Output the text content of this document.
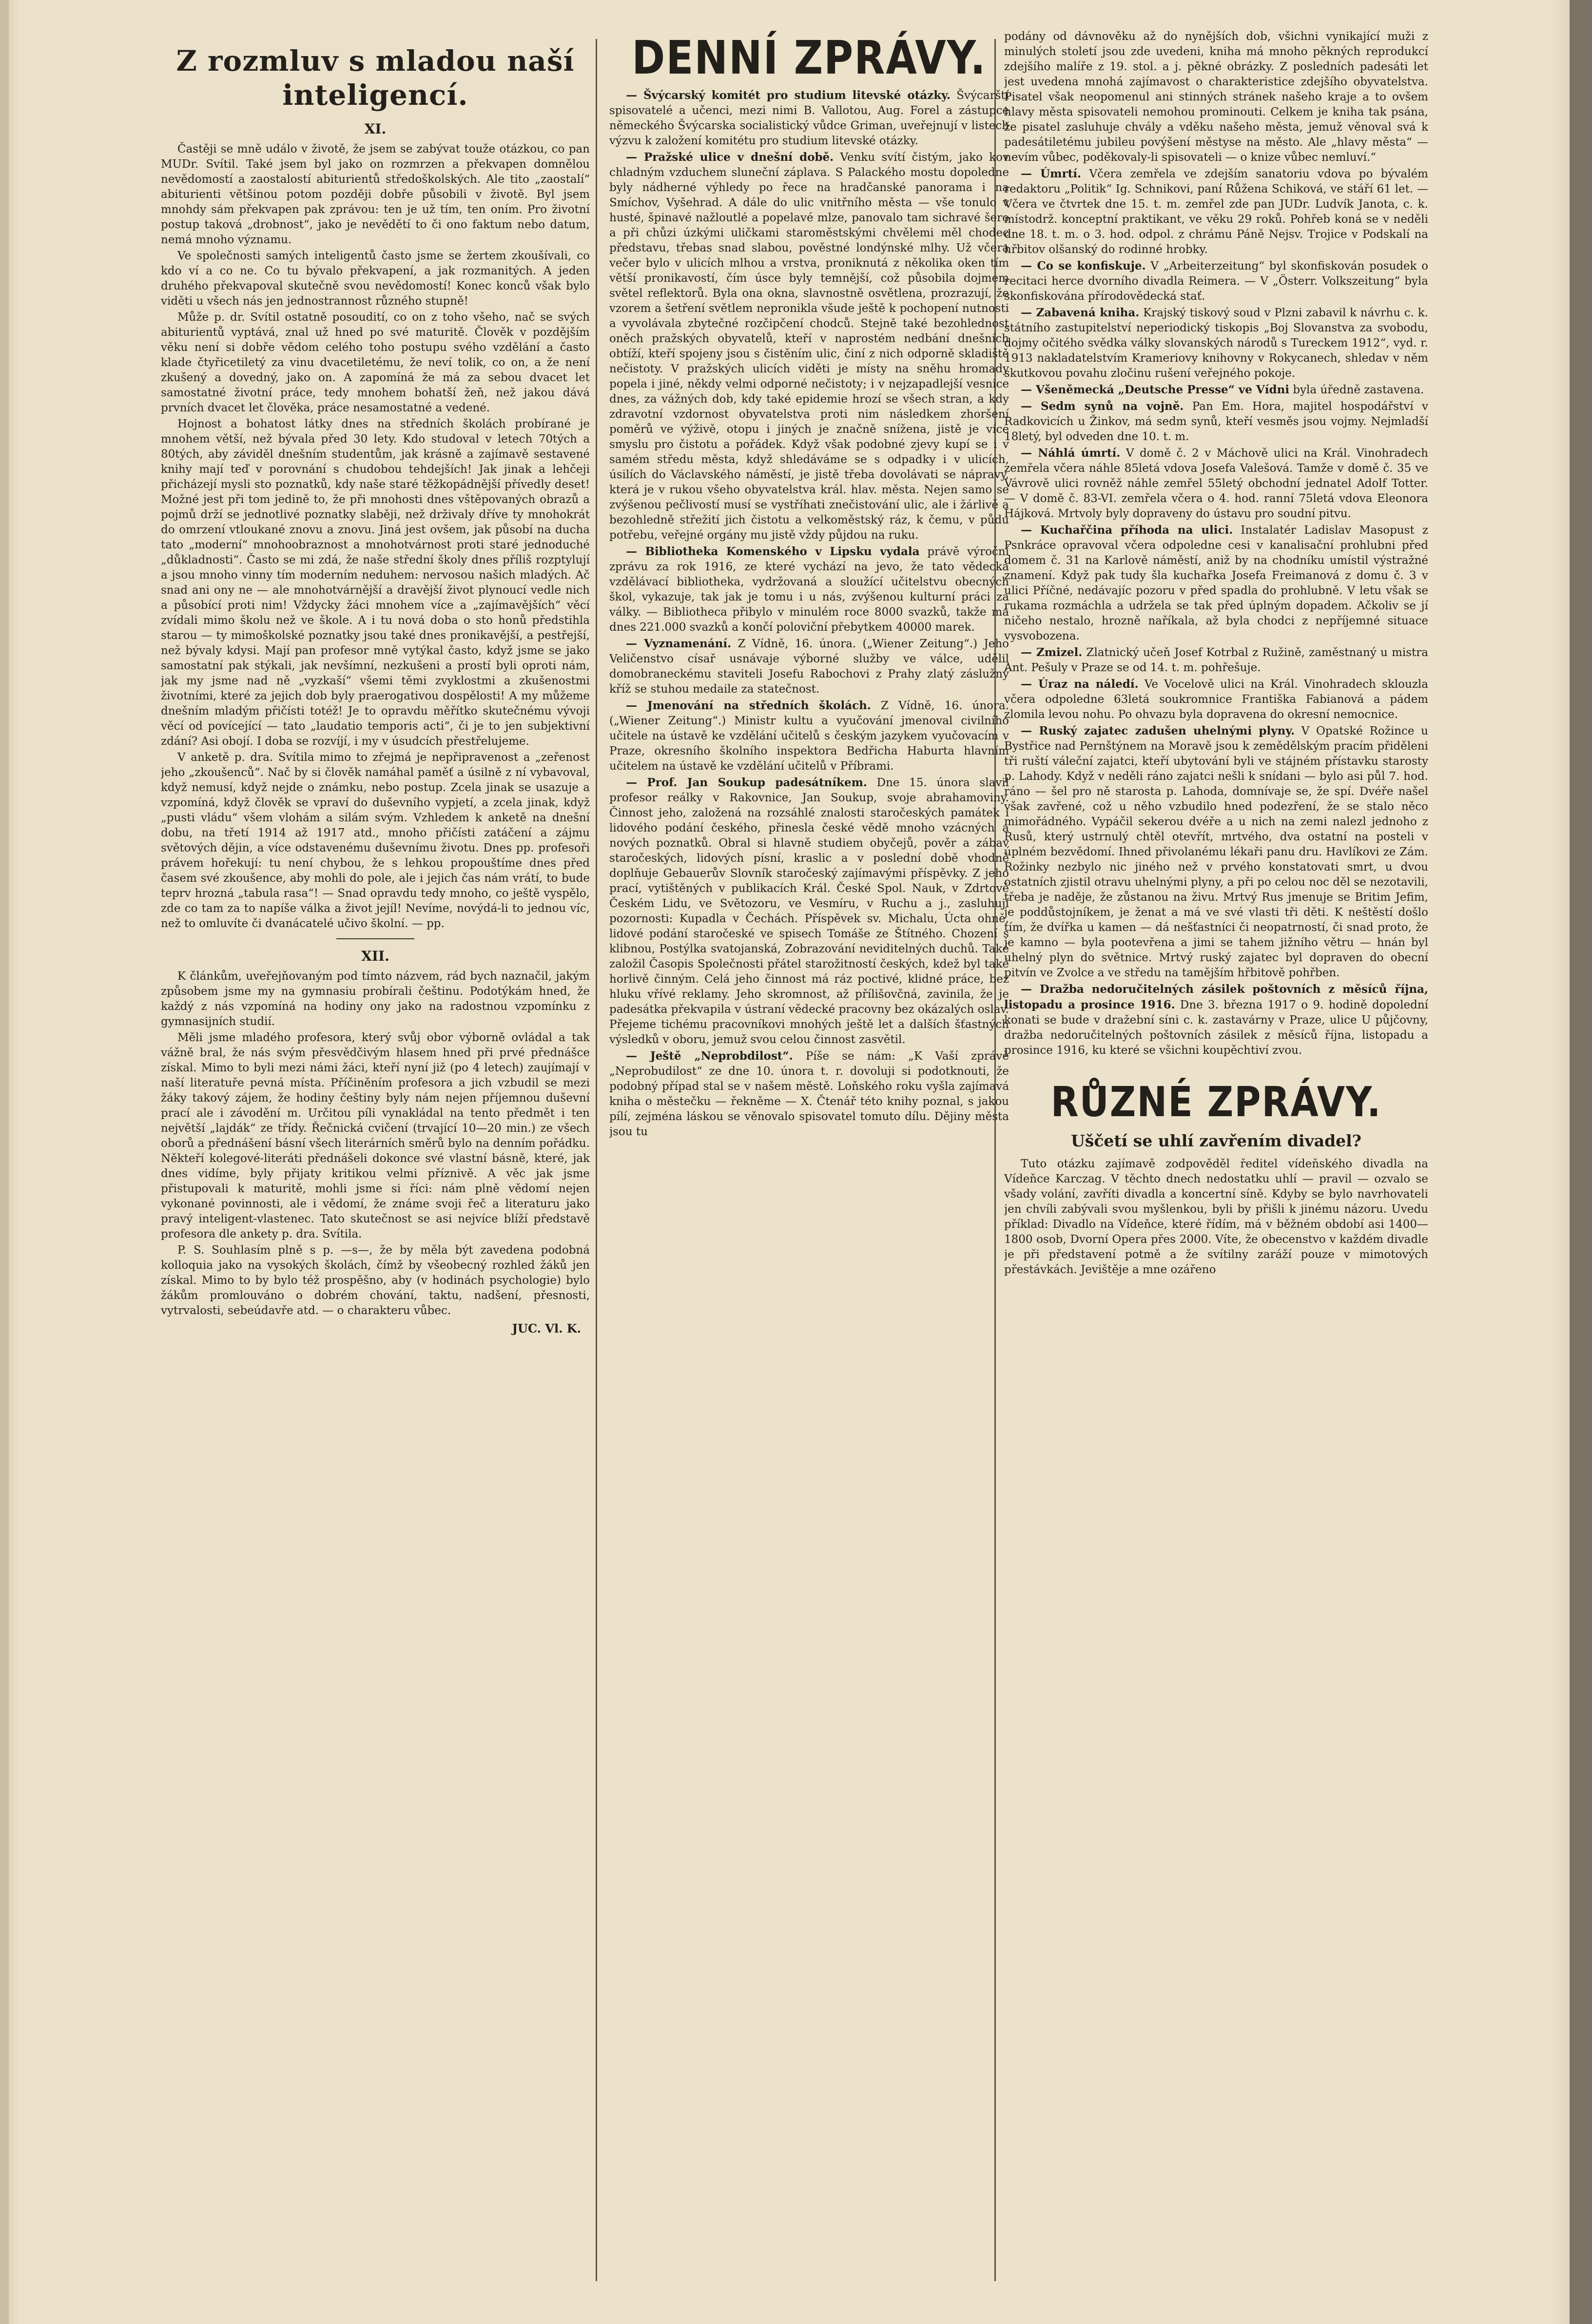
Z rozmluv s mladou naší inteligencí.
XI.

Častěji se mně událo v životě, že jsem se zabývat touže otázkou, co pan MUDr. Svítil. Také jsem byl jako on rozmrzen a překvapen domnělou nevědomostí a zaostalostí abiturientů středoškolských. Ale tito „zaostalí“ abiturienti většinou potom později dobře působili v životě. Byl jsem mnohdy sám překvapen pak zprávou: ten je už tím, ten oním. Pro životní postup taková „drobnost“, jako je nevědětí to či ono faktum nebo datum, nemá mnoho významu.

Ve společnosti samých inteligentů často jsme se žertem zkoušívali, co kdo ví a co ne. Co tu bývalo překvapení, a jak rozmanitých. A jeden druhého překvapoval skutečně svou nevědomostí! Konec konců však bylo viděti u všech nás jen jednostrannost různého stupně!

Může p. dr. Svítil ostatně posoudití, co on z toho všeho, nač se svých abiturientů vyptává, znal už hned po své maturitě. Člověk v pozdějším věku není si dobře vědom celého toho postupu svého vzdělání a často klade čtyřicetiletý za vinu dvacetiletému, že neví tolik, co on, a že není zkušený a dovedný, jako on. A zapomíná že má za sebou dvacet let samostatné životní práce, tedy mnohem bohatší žeň, než jakou dává prvních dvacet let člověka, práce nesamostatné a vedené.

Hojnost a bohatost látky dnes na středních školách probírané je mnohem větší, než bývala před 30 lety. Kdo studoval v letech 70tých a 80tých, aby záviděl dnešním studentům, jak krásně a zajímavě sestavené knihy mají teď v porovnání s chudobou tehdejších! Jak jinak a lehčeji přicházejí mysli sto poznatků, kdy naše staré těžkopádnější přívedly deset! Možné jest při tom jedině to, že při mnohosti dnes vštěpovaných obrazů a pojmů drží se jednotlivé poznatky slaběji, než drživaly dříve ty mnohokrát do omrzení vtloukané znovu a znovu. Jiná jest ovšem, jak působí na ducha tato „moderní“ mnohoobraznost a mnohotvárnost proti staré jednoduché „důkladnosti“. Často se mi zdá, že naše střední školy dnes příliš rozptylují a jsou mnoho vinny tím moderním neduhem: nervosou našich mladých. Ač snad ani ony ne — ale mnohotvárnější a dravější život plynoucí vedle nich a působící proti nim! Vždycky žáci mnohem více a „zajímavějších“ věcí zvídali mimo školu než ve škole. A i tu nová doba o sto honů předstihla starou — ty mimoškolské poznatky jsou také dnes pronikavější, a pestřejší, než bývaly kdysi. Mají pan profesor mně vytýkal často, když jsme se jako samostatní pak stýkali, jak nevšímní, nezkušeni a prostí byli oproti nám, jak my jsme nad ně „vyzkaší“ všemi těmi zvyklostmi a zkušenostmi životními, které za jejich dob byly praerogativou dospělosti! A my můžeme dnešním mladým přičísti totéž! Je to opravdu měřítko skutečnému vývoji věcí od povícející — tato „laudatio temporis acti“, či je to jen subjektivní zdání? Asi obojí. I doba se rozvíjí, i my v úsudcích přestřelujeme.

V anketě p. dra. Svítila mimo to zřejmá je nepřipravenost a „zeřenost jeho „zkoušenců“. Nač by si člověk namáhal paměť a úsilně z ní vybavoval, když nemusí, když nejde o známku, nebo postup. Zcela jinak se usazuje a vzpomíná, když člověk se vpraví do duševního vypjetí, a zcela jinak, když „pusti vládu“ všem vlohám a silám svým. Vzhledem k anketě na dnešní dobu, na třetí 1914 až 1917 atd., mnoho přičísti zatáčení a zájmu světových dějin, a více odstavenému duševnímu životu. Dnes pp. profesoři právem hořekují: tu není chybou, že s lehkou propouštíme dnes před časem své zkoušence, aby mohli do pole, ale i jejich čas nám vrátí, to bude teprv hrozná „tabula rasa“! — Snad opravdu tedy mnoho, co ještě vyspělo, zde co tam za to napíše válka a život jejíl! Nevíme, novýdá-li to jednou víc, než to omluvíte či dvanácatelé učivo školní. — pp.

XII.

K článkům, uveřejňovaným pod tímto názvem, rád bych naznačil, jakým způsobem jsme my na gymnasiu probírali češtinu. Podotýkám hned, že každý z nás vzpomíná na hodiny ony jako na radostnou vzpomínku z gymnasijních studií.

Měli jsme mladého profesora, který svůj obor výborně ovládal a tak vážně bral, že nás svým přesvědčivým hlasem hned při prvé přednášce získal. Mimo to byli mezi námi žáci, kteří nyní již (po 4 letech) zaujímají v naší literatuře pevná místa. Příčiněním profesora a jich vzbudil se mezi žáky takový zájem, že hodiny češtiny byly nám nejen příjemnou duševní prací ale i závodění m. Určitou píli vynakládal na tento předmět i ten největší „lajdák“ ze třídy. Řečnická cvičení (trvající 10—20 min.) ze všech oborů a přednášení básní všech literárních směrů bylo na denním pořádku. Někteří kolegové-literáti přednášeli dokonce své vlastní básně, které, jak dnes vidíme, byly přijaty kritikou velmi příznivě. A věc jak jsme přistupovali k maturitě, mohli jsme si říci: nám plně vědomí nejen vykonané povinnosti, ale i vědomí, že známe svoji řeč a literaturu jako pravý inteligent-vlastenec. Tato skutečnost se asi nejvíce blíží představě profesora dle ankety p. dra. Svítila.

P. S. Souhlasím plně s p. —s—, že by měla být zavedena podobná kolloquia jako na vysokých školách, čímž by všeobecný rozhled žáků jen získal. Mimo to by bylo též prospěšno, aby (v hodinách psychologie) bylo žákům promlouváno o dobrém chování, taktu, nadšení, přesnosti, vytrvalosti, sebeúdavře atd. — o charakteru vůbec.

JUC. Vl. K.
DENNÍ ZPRÁVY.

— Švýcarský komitét pro studium litevské otázky. Švýcarští spisovatelé a učenci, mezi nimi B. Vallotou, Aug. Forel a zástupce německého Švýcarska socialistický vůdce Griman, uveřejnují v listech výzvu k založení komitétu pro studium litevské otázky.

— Pražské ulice v dnešní době. Venku svítí čistým, jako kov chladným vzduchem sluneční záplava. S Palackého mostu dopoledne byly nádherné výhledy po řece na hradčanské panorama i na Smíchov, Vyšehrad. A dále do ulic vnitřního města — vše tonulo v husté, špinavé nažloutlé a popelavé mlze, panovalo tam sichravé šero a při chůzi úzkými uličkami staroměstskými chvělemi měl chodec představu, třebas snad slabou, pověstné londýnské mlhy. Už včera večer bylo v ulicích mlhou a vrstva, proniknutá z několika oken tím větší pronikavostí, čím úsce byly temnější, což působila dojmem světel reflektorů. Byla ona okna, slavnostně osvětlena, prozrazují, že vzorem a šetření světlem nepronikla všude ještě k pochopení nutnosti a vyvolávala zbytečné rozčipčení chodců. Stejně také bezohlednost oněch pražských obyvatelů, kteří v naprostém nedbání dnešních obtíží, kteří spojeny jsou s čistěním ulic, činí z nich odporně skladiště nečistoty. V pražských ulicích viděti je místy na sněhu hromady popela i jiné, někdy velmi odporné nečistoty; i v nejzapadlejší vesnice dnes, za vážných dob, kdy také epidemie hrozí se všech stran, a kdy zdravotní vzdornost obyvatelstva proti nim následkem zhoršení poměrů ve výživě, otopu i jiných je značně snížena, jistě je více smyslu pro čistotu a pořádek. Když však podobné zjevy kupí se i v samém středu města, když shledáváme se s odpadky i v ulicích, úsilích do Václavského náměstí, je jistě třeba dovolávati se nápravy, která je v rukou všeho obyvatelstva král. hlav. města. Nejen samo se zvýšenou pečlivostí musí se vystříhati znečistování ulic, ale i žárlivě a bezohledně střežití jich čistotu a velkoměstský ráz, k čemu, v půdu potřebu, veřejné orgány mu jistě vždy půjdou na ruku.

— Bibliotheka Komenského v Lipsku vydala právě výroční zprávu za rok 1916, ze které vychází na jevo, že tato vědecká vzdělávací bibliotheka, vydržovaná a sloužící učitelstvu obecných škol, vykazuje, tak jak je tomu i u nás, zvýšenou kulturní práci za války. — Bibliotheca přibylo v minulém roce 8000 svazků, takže má dnes 221.000 svazků a končí poloviční přebytkem 40000 marek.

— Vyznamenání. Z Vídně, 16. února. („Wiener Zeitung“.) Jeho Veličenstvo císař usnávaje výborné služby ve válce, udělil domobraneckému staviteli Josefu Rabochovi z Prahy zlatý záslužný kříž se stuhou medaile za statečnost.

— Jmenování na středních školách. Z Vídně, 16. února. („Wiener Zeitung“.) Ministr kultu a vyučování jmenoval civilního učitele na ústavě ke vzdělání učitelů s českým jazykem vyučovacím v Praze, okresního školního inspektora Bedřicha Haburta hlavním učitelem na ústavě ke vzdělání učitelů v Příbrami.

— Prof. Jan Soukup padesátníkem. Dne 15. února slavil profesor reálky v Rakovnice, Jan Soukup, svoje abrahamoviny. Činnost jeho, založená na rozsáhlé znalosti staročeských památek i lidového podání českého, přinesla české vědě mnoho vzácných a nových poznatků. Obral si hlavně studiem obyčejů, pověr a zábav staročeských, lidových písní, kraslic a v poslední době vhodně doplňuje Gebauerův Slovník staročeský zajímavými příspěvky. Z jeho prací, vytištěných v publikacích Král. České Spol. Nauk, v Zdrtově Českém Lidu, ve Světozoru, ve Vesmíru, v Ruchu a j., zasluhují pozornosti: Kupadla v Čechách. Příspěvek sv. Michalu, Úcta ohně, lidové podání staročeské ve spisech Tomáše ze Štítného. Chození s klibnou, Postýlka svatojanská, Zobrazování neviditelných duchů. Také založil Časopis Společnosti přátel starožitností českých, kdež byl také horlivě činným. Celá jeho činnost má ráz poctivé, klidné práce, bez hluku vřívé reklamy. Jeho skromnost, až přílišovčná, zavinila, že je padesátka překvapila v ústraní vědecké pracovny bez okázalých oslav. Přejeme tichému pracovníkovi mnohých ještě let a dalších šťastných výsledků v oboru, jemuž svou celou činnost zasvětil.

— Ještě „Neprobdilost“. Píše se nám: „K Vaší zprávě „Neprobudilost“ ze dne 10. února t. r. dovoluji si podotknouti, že podobný případ stal se v našem městě. Loňského roku vyšla zajímavá kniha o městečku — řekněme — X. Čtenář této knihy poznal, s jakou pílí, zejména láskou se věnovalo spisovatel tomuto dílu. Dějiny města jsou tu

podány od dávnověku až do nynějších dob, všichni vynikající muži z minulých století jsou zde uvedeni, kniha má mnoho pěkných reprodukcí zdejšího malíře z 19. stol. a j. pěkné obrázky. Z posledních padesáti let jest uvedena mnohá zajímavost o charakteristice zdejšího obyvatelstva. Pisatel však neopomenul ani stinných stránek našeho kraje a to ovšem hlavy města spisovateli nemohou prominouti. Celkem je kniha tak psána, že pisatel zasluhuje chvály a vděku našeho města, jemuž věnoval svá k padesátiletému jubileu povýšení městyse na město. Ale „hlavy města“ — nevím vůbec, poděkovaly-li spisovateli — o knize vůbec nemluví.“

— Úmrtí. Včera zemřela ve zdejším sanatoriu vdova po bývalém redaktoru „Politik“ Ig. Schnikovi, paní Růžena Schiková, ve stáří 61 let. — Včera ve čtvrtek dne 15. t. m. zemřel zde pan JUDr. Ludvík Janota, c. k. místodrž. konceptní praktikant, ve věku 29 roků. Pohřeb koná se v neděli dne 18. t. m. o 3. hod. odpol. z chrámu Páně Nejsv. Trojice v Podskalí na hřbitov olšanský do rodinné hrobky.

— Co se konfiskuje. V „Arbeiterzeitung“ byl skonfiskován posudek o recitaci herce dvorního divadla Reimera. — V „Österr. Volkszeitung“ byla skonfiskována přírodovědecká stať.

— Zabavená kniha. Krajský tiskový soud v Plzni zabavil k návrhu c. k. státního zastupitelství neperiodický tiskopis „Boj Slovanstva za svobodu, dojmy očitého svědka války slovanských národů s Tureckem 1912“, vyd. r. 1913 nakladatelstvím Krameriovy knihovny v Rokycanech, shledav v něm skutkovou povahu zločinu rušení veřejného pokoje.

— Všeněmecká „Deutsche Presse“ ve Vídni byla úředně zastavena.

— Sedm synů na vojně. Pan Em. Hora, majitel hospodářství v Radkovicích u Žinkov, má sedm synů, kteří vesměs jsou vojmy. Nejmladší 18letý, byl odveden dne 10. t. m.

— Náhlá úmrtí. V domě č. 2 v Máchově ulici na Král. Vinohradech zemřela včera náhle 85letá vdova Josefa Valešová. Tamže v domě č. 35 ve Vávrově ulici rovněž náhle zemřel 55letý obchodní jednatel Adolf Totter. — V domě č. 83-VI. zemřela včera o 4. hod. ranní 75letá vdova Eleonora Hájková. Mrtvoly byly dopraveny do ústavu pro soudní pitvu.

— Kuchařčina příhoda na ulici. Instalatér Ladislav Masopust z Psnkráce opravoval včera odpoledne cesi v kanalisační prohlubni před domem č. 31 na Karlově náměstí, aniž by na chodníku umístil výstražné znamení. Když pak tudy šla kuchařka Josefa Freimanová z domu č. 3 v ulici Příčné, nedávajíc pozoru v před spadla do prohlubně. V letu však se rukama rozmáchla a udržela se tak před úplným dopadem. Ačkoliv se jí ničeho nestalo, hrozně naříkala, až byla chodci z nepříjemné situace vysvobozena.

— Zmizel. Zlatnický učeň Josef Kotrbal z Ružině, zaměstnaný u mistra Ant. Pešuly v Praze se od 14. t. m. pohřešuje.

— Úraz na náledí. Ve Vocelově ulici na Král. Vinohradech sklouzla včera odpoledne 63letá soukromnice Františka Fabianová a pádem zlomila levou nohu. Po ohvazu byla dopravena do okresní nemocnice.

— Ruský zajatec zadušen uhelnými plyny. V Opatské Rožince u Bystřice nad Pernštýnem na Moravě jsou k zemědělským pracím přiděleni tři ruští váleční zajatci, kteří ubytování byli ve stájném přístavku starosty p. Lahody. Když v neděli ráno zajatci nešli k snídani — bylo asi půl 7. hod. ráno — šel pro ně starosta p. Lahoda, domnívaje se, že spí. Dvéře našel však zavřené, což u něho vzbudilo hned podezření, že se stalo něco mimořádného. Vypáčil sekerou dvéře a u nich na zemi nalezl jednoho z Rusů, který ustrnulý chtěl otevřít, mrtvého, dva ostatní na posteli v úplném bezvědomí. Ihned přivolanému lékaři panu dru. Havlíkovi ze Zám. Rožinky nezbylo nic jiného než v prvého konstatovati smrt, u dvou ostatních zjistil otravu uhelnými plyny, a při po celou noc děl se nezotavili, třeba je naděje, že zůstanou na živu. Mrtvý Rus jmenuje se Britim Jefim, je poddůstojníkem, je ženat a má ve své vlasti tři děti. K neštěstí došlo tím, že dvířka u kamen — dá nešťastníci či neopatrností, či snad proto, že je kamno — byla pootevřena a jimi se tahem jižního větru — hnán byl uhelný plyn do světnice. Mrtvý ruský zajatec byl dopraven do obecní pitvín ve Zvolce a ve středu na tamějším hřbitově pohřben.

— Dražba nedoručitelných zásilek poštovních z měsíců října, listopadu a prosince 1916. Dne 3. března 1917 o 9. hodině dopolední konati se bude v dražební síni c. k. zastavárny v Praze, ulice U půjčovny, dražba nedoručitelných poštovních zásilek z měsíců října, listopadu a prosince 1916, ku které se všichni koupěchtiví zvou.

RŮZNÉ ZPRÁVY.
Uščetí se uhlí zavřením divadel?

Tuto otázku zajímavě zodpověděl ředitel vídeňského divadla na Vídeňce Karczag. V těchto dnech nedostatku uhlí — pravil — ozvalo se všady volání, zavříti divadla a koncertní síně. Kdyby se bylo navrhovateli jen chvíli zabývali svou myšlenkou, byli by přišli k jinému názoru. Uvedu příklad: Divadlo na Vídeňce, které řídím, má v běžném období asi 1400—1800 osob, Dvorní Opera přes 2000. Víte, že obecenstvo v každém divadle je při představení potmě a že svítilny zaráží pouze v mimotových přestávkách. Jevištěje a mne ozářeno
